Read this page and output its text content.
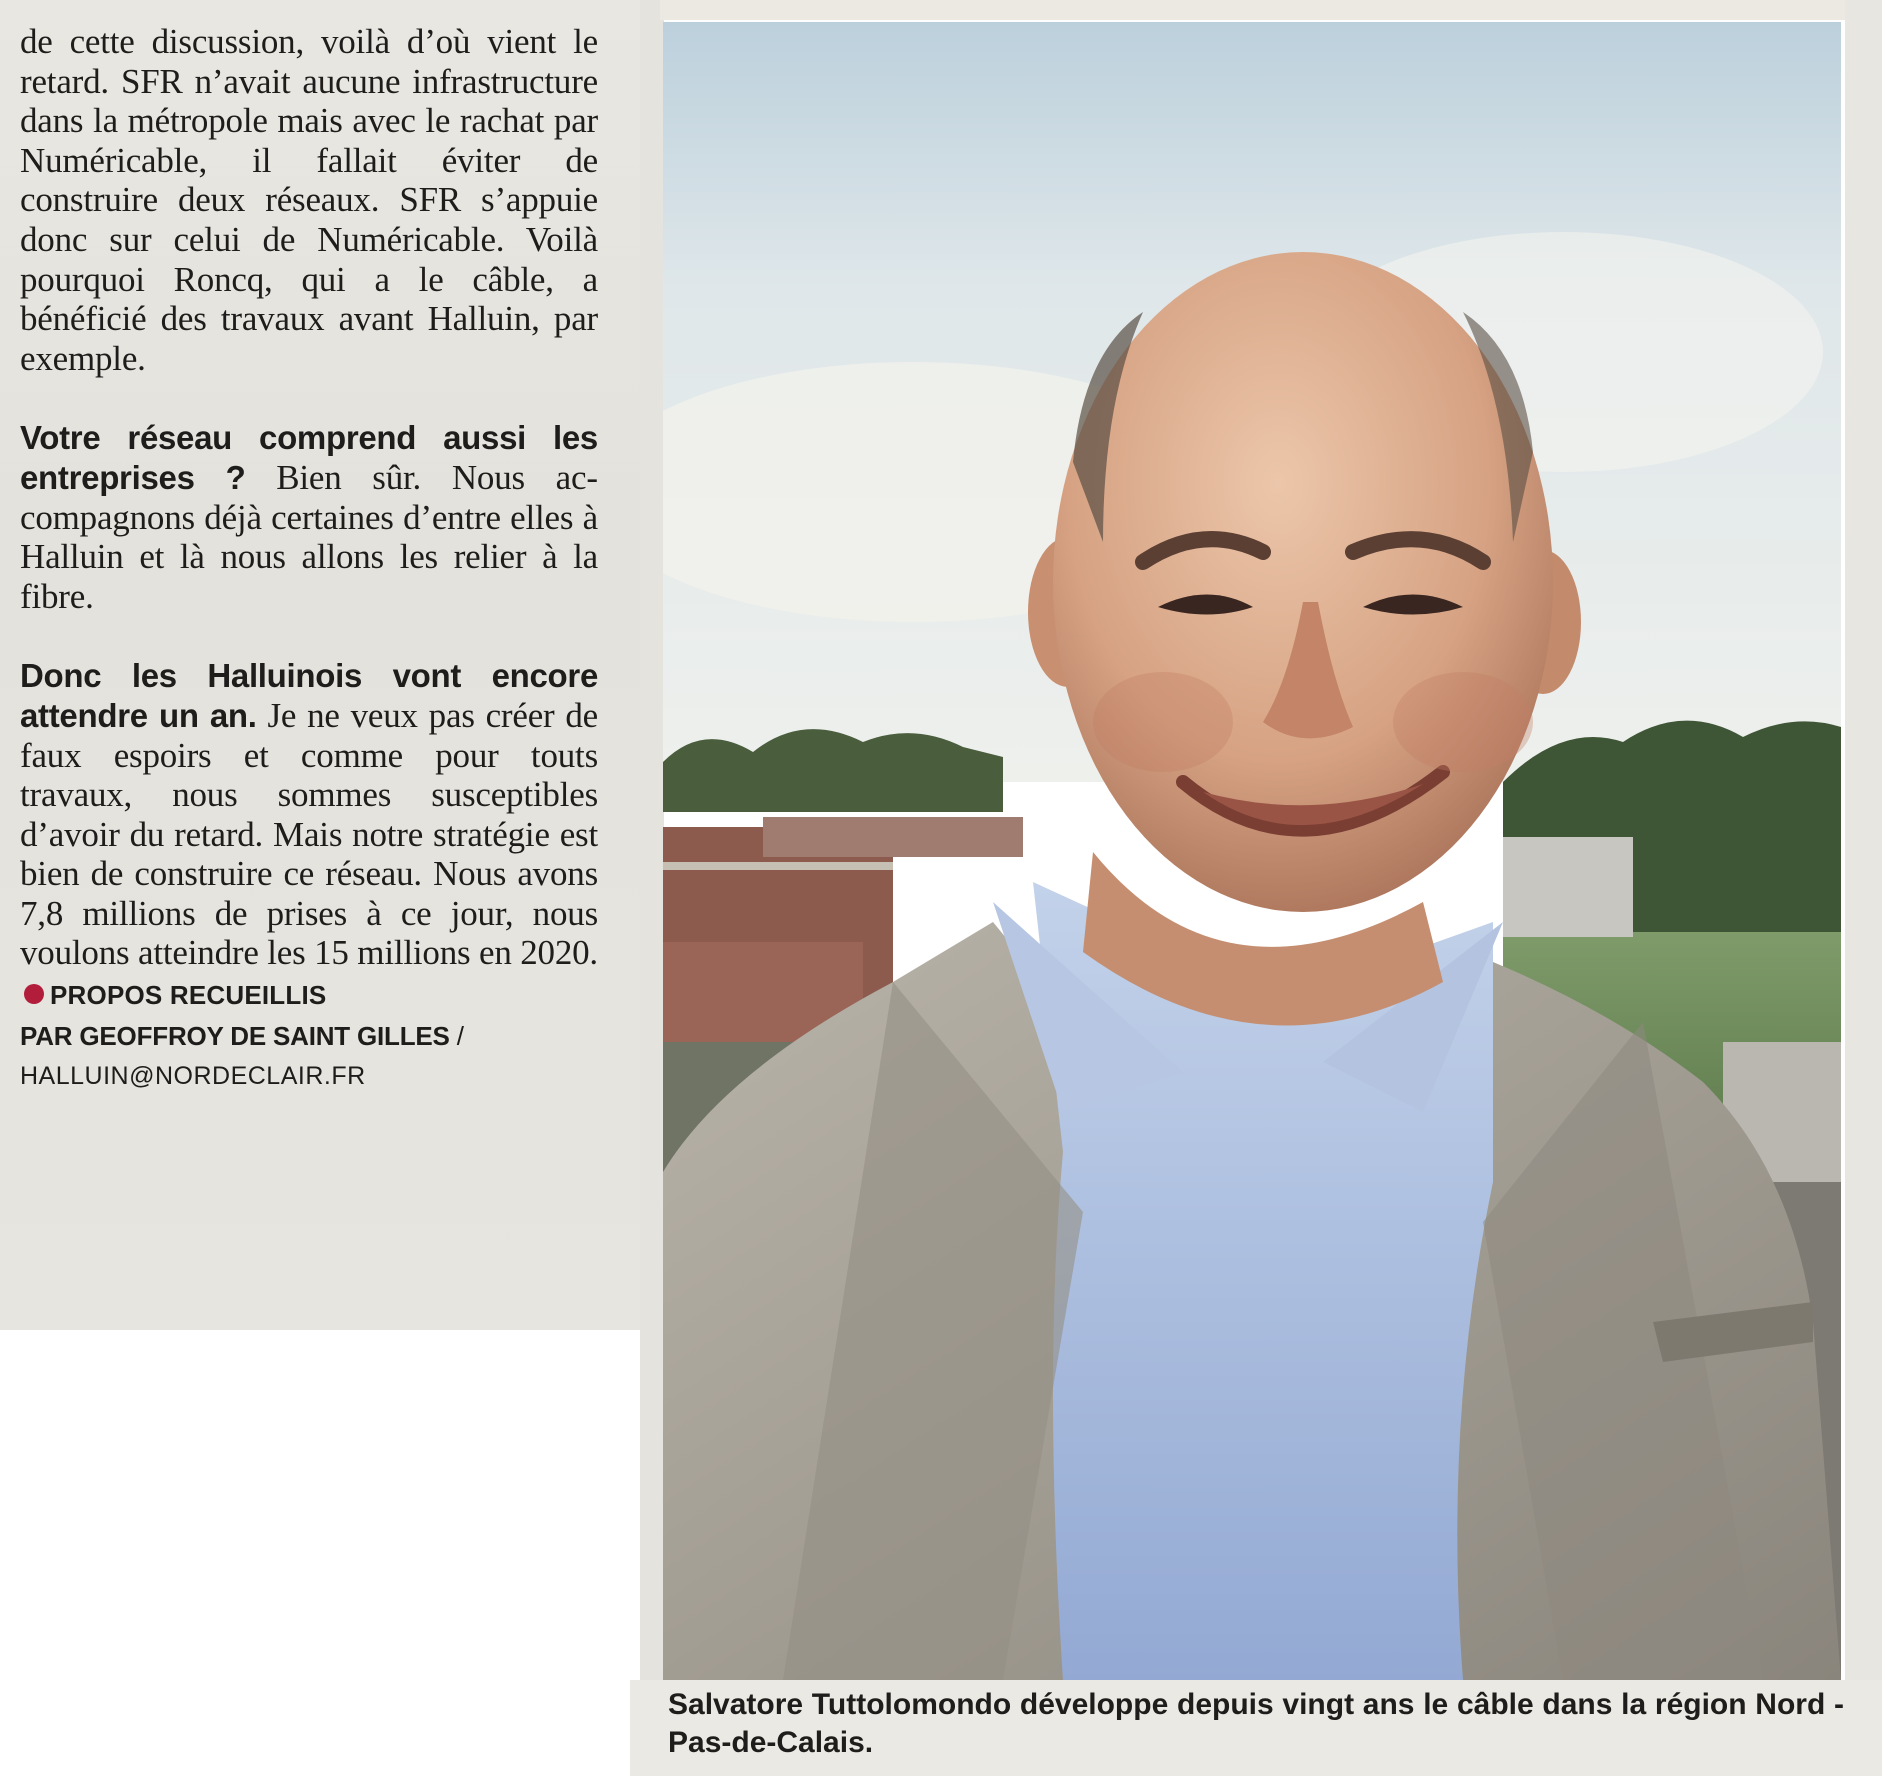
de cette discussion, voilà d’où vient le retard. SFR n’avait aucune infrastructure dans la métropole mais avec le rachat par Numéricable, il fallait éviter de construire deux réseaux. SFR s’appuie donc sur celui de Numéricable. Voilà pourquoi Roncq, qui a le câble, a bénéficié des travaux avant Halluin, par exemple.

Votre réseau comprend aussi les entreprises ? Bien sûr. Nous accompagnons déjà certaines d’entre elles à Halluin et là nous allons les relier à la fibre.

Donc les Halluinois vont encore attendre un an. Je ne veux pas créer de faux espoirs et comme pour touts travaux, nous sommes susceptibles d’avoir du retard. Mais notre stratégie est bien de construire ce réseau. Nous avons 7,8 millions de prises à ce jour, nous voulons atteindre les 15 millions en 2020.PROPOS RECUEILLIS
PAR GEOFFROY DE SAINT GILLES /
HALLUIN@NORDECLAIR.FR

Salvatore Tuttolomondo développe depuis vingt ans le câble dans la région Nord - Pas-de-Calais.
